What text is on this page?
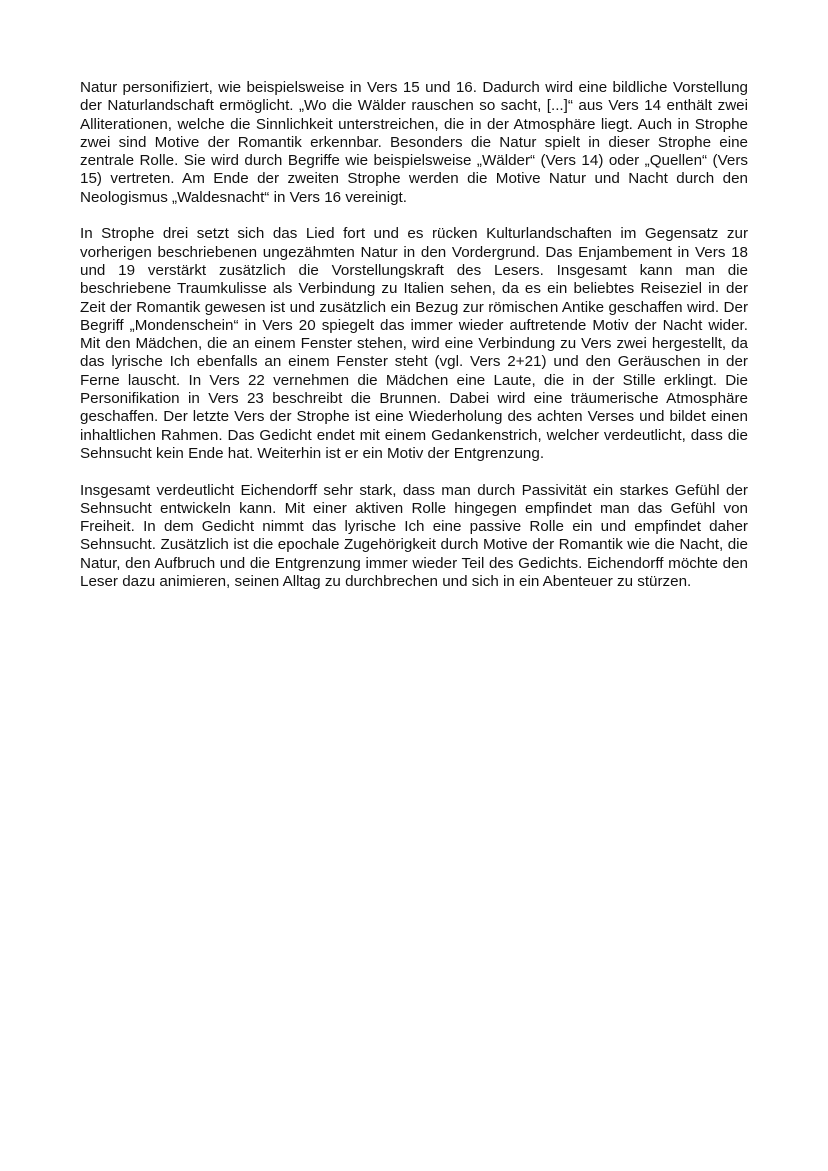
Natur personifiziert, wie beispielsweise in Vers 15 und 16. Dadurch wird eine bildliche Vorstellung der Naturlandschaft ermöglicht. „Wo die Wälder rauschen so sacht, [...]“ aus Vers 14 enthält zwei Alliterationen, welche die Sinnlichkeit unterstreichen, die in der Atmosphäre liegt. Auch in Strophe zwei sind Motive der Romantik erkennbar. Besonders die Natur spielt in dieser Strophe eine zentrale Rolle. Sie wird durch Begriffe wie beispielsweise „Wälder“ (Vers 14) oder „Quellen“ (Vers 15) vertreten. Am Ende der zweiten Strophe werden die Motive Natur und Nacht durch den Neologismus „Waldesnacht“ in Vers 16 vereinigt.

In Strophe drei setzt sich das Lied fort und es rücken Kulturlandschaften im Gegensatz zur vorherigen beschriebenen ungezähmten Natur in den Vordergrund. Das Enjambement in Vers 18 und 19 verstärkt zusätzlich die Vorstellungskraft des Lesers. Insgesamt kann man die beschriebene Traumkulisse als Verbindung zu Italien sehen, da es ein beliebtes Reiseziel in der Zeit der Romantik gewesen ist und zusätzlich ein Bezug zur römischen Antike geschaffen wird. Der Begriff „Mondenschein“ in Vers 20 spiegelt das immer wieder auftretende Motiv der Nacht wider. Mit den Mädchen, die an einem Fenster stehen, wird eine Verbindung zu Vers zwei hergestellt, da das lyrische Ich ebenfalls an einem Fenster steht (vgl. Vers 2+21) und den Geräuschen in der Ferne lauscht. In Vers 22 vernehmen die Mädchen eine Laute, die in der Stille erklingt. Die Personifikation in Vers 23 beschreibt die Brunnen. Dabei wird eine träumerische Atmosphäre geschaffen. Der letzte Vers der Strophe ist eine Wiederholung des achten Verses und bildet einen inhaltlichen Rahmen. Das Gedicht endet mit einem Gedankenstrich, welcher verdeutlicht, dass die Sehnsucht kein Ende hat. Weiterhin ist er ein Motiv der Entgrenzung.

Insgesamt verdeutlicht Eichendorff sehr stark, dass man durch Passivität ein starkes Gefühl der Sehnsucht entwickeln kann. Mit einer aktiven Rolle hingegen empfindet man das Gefühl von Freiheit. In dem Gedicht nimmt das lyrische Ich eine passive Rolle ein und empfindet daher Sehnsucht. Zusätzlich ist die epochale Zugehörigkeit durch Motive der Romantik wie die Nacht, die Natur, den Aufbruch und die Entgrenzung immer wieder Teil des Gedichts. Eichendorff möchte den Leser dazu animieren, seinen Alltag zu durchbrechen und sich in ein Abenteuer zu stürzen.
